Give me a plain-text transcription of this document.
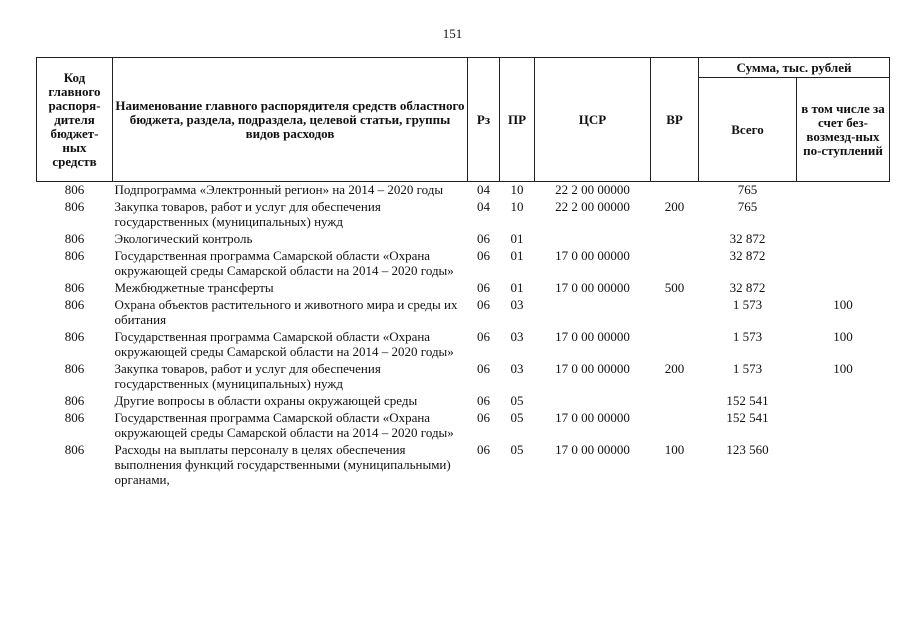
151
Код главного распоря-дителя бюджет-ных средств	Наименование главного распорядителя средств областного бюджета, раздела, подраздела, целевой статьи, группы видов расходов	Рз	ПР	ЦСР	ВР	Сумма, тыс. рублей	
						Всего	в том числе за счет без-возмезд-ных по-ступлений
806	Подпрограмма «Электронный регион» на 2014 – 2020 годы	04	10	22 2 00 00000		765	
806	Закупка товаров, работ и услуг для обеспечения государственных (муниципальных) нужд	04	10	22 2 00 00000	200	765	
806	Экологический контроль	06	01			32 872	
806	Государственная программа Самарской области «Охрана окружающей среды Самарской области на 2014 – 2020 годы»	06	01	17 0 00 00000		32 872	
806	Межбюджетные трансферты	06	01	17 0 00 00000	500	32 872	
806	Охрана объектов растительного и животного мира и среды их обитания	06	03			1 573	100
806	Государственная программа Самарской области «Охрана окружающей среды Самарской области на 2014 – 2020 годы»	06	03	17 0 00 00000		1 573	100
806	Закупка товаров, работ и услуг для обеспечения государственных (муниципальных) нужд	06	03	17 0 00 00000	200	1 573	100
806	Другие вопросы в области охраны окружающей среды	06	05			152 541	
806	Государственная программа Самарской области «Охрана окружающей среды Самарской области на 2014 – 2020 годы»	06	05	17 0 00 00000		152 541	
806	Расходы на выплаты персоналу в целях обеспечения выполнения функций государственными (муниципальными) органами,	06	05	17 0 00 00000	100	123 560	
